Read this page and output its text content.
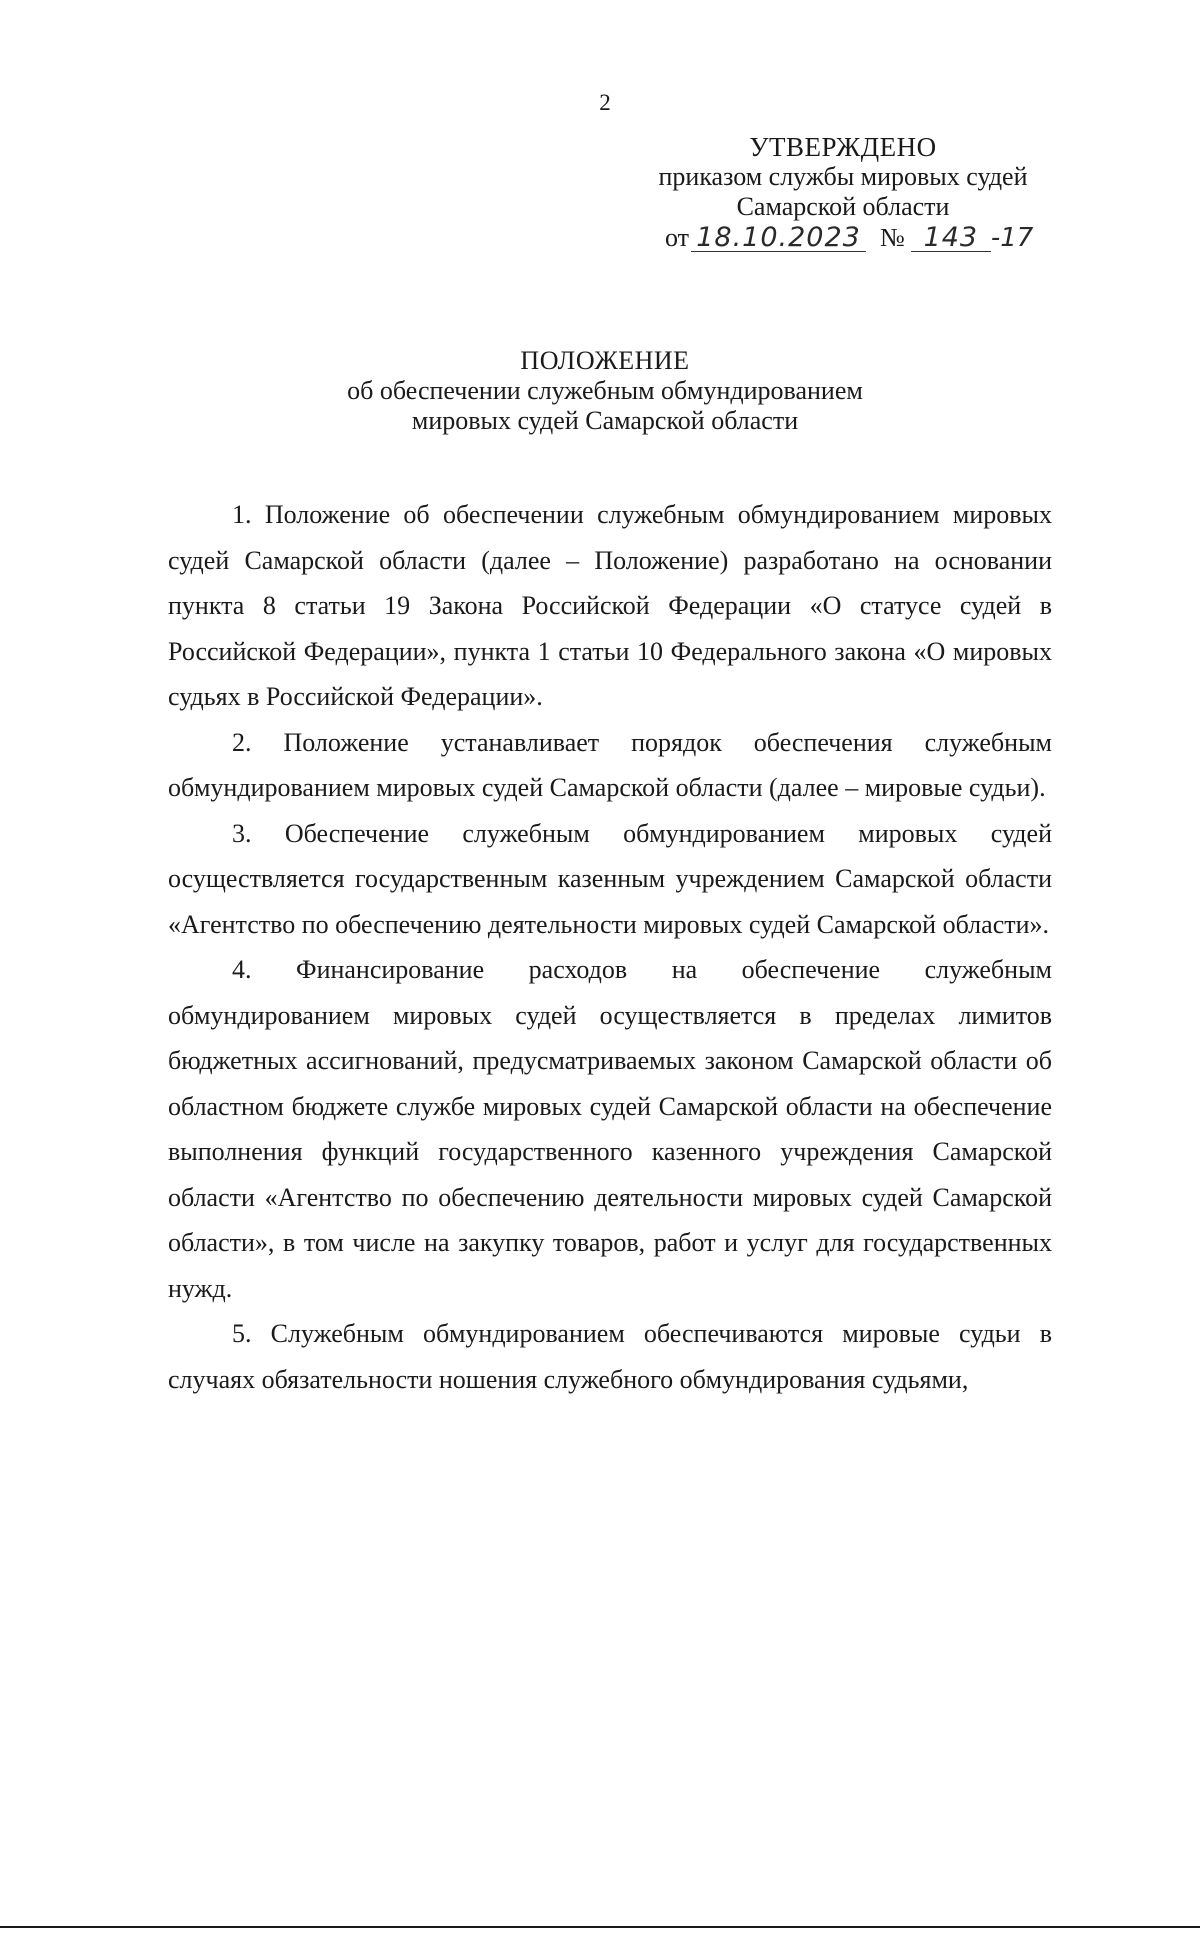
2
УТВЕРЖДЕНО
приказом службы мировых судей
Самарской области
от 18.10.2023 № 143 -17
ПОЛОЖЕНИЕ
об обеспечении служебным обмундированием
мировых судей Самарской области

1. Положение об обеспечении служебным обмундированием мировых судей Самарской области (далее – Положение) разработано на основании пункта 8 статьи 19 Закона Российской Федерации «О статусе судей в Российской Федерации», пункта 1 статьи 10 Федерального закона «О мировых судьях в Российской Федерации».

2. Положение устанавливает порядок обеспечения служебным обмундированием мировых судей Самарской области (далее – мировые судьи).

3. Обеспечение служебным обмундированием мировых судей осуществляется государственным казенным учреждением Самарской области «Агентство по обеспечению деятельности мировых судей Самарской области».

4. Финансирование расходов на обеспечение служебным обмундированием мировых судей осуществляется в пределах лимитов бюджетных ассигнований, предусматриваемых законом Самарской области об областном бюджете службе мировых судей Самарской области на обеспечение выполнения функций государственного казенного учреждения Самарской области «Агентство по обеспечению деятельности мировых судей Самарской области», в том числе на закупку товаров, работ и услуг для государственных нужд.

5. Служебным обмундированием обеспечиваются мировые судьи в случаях обязательности ношения служебного обмундирования судьями,
